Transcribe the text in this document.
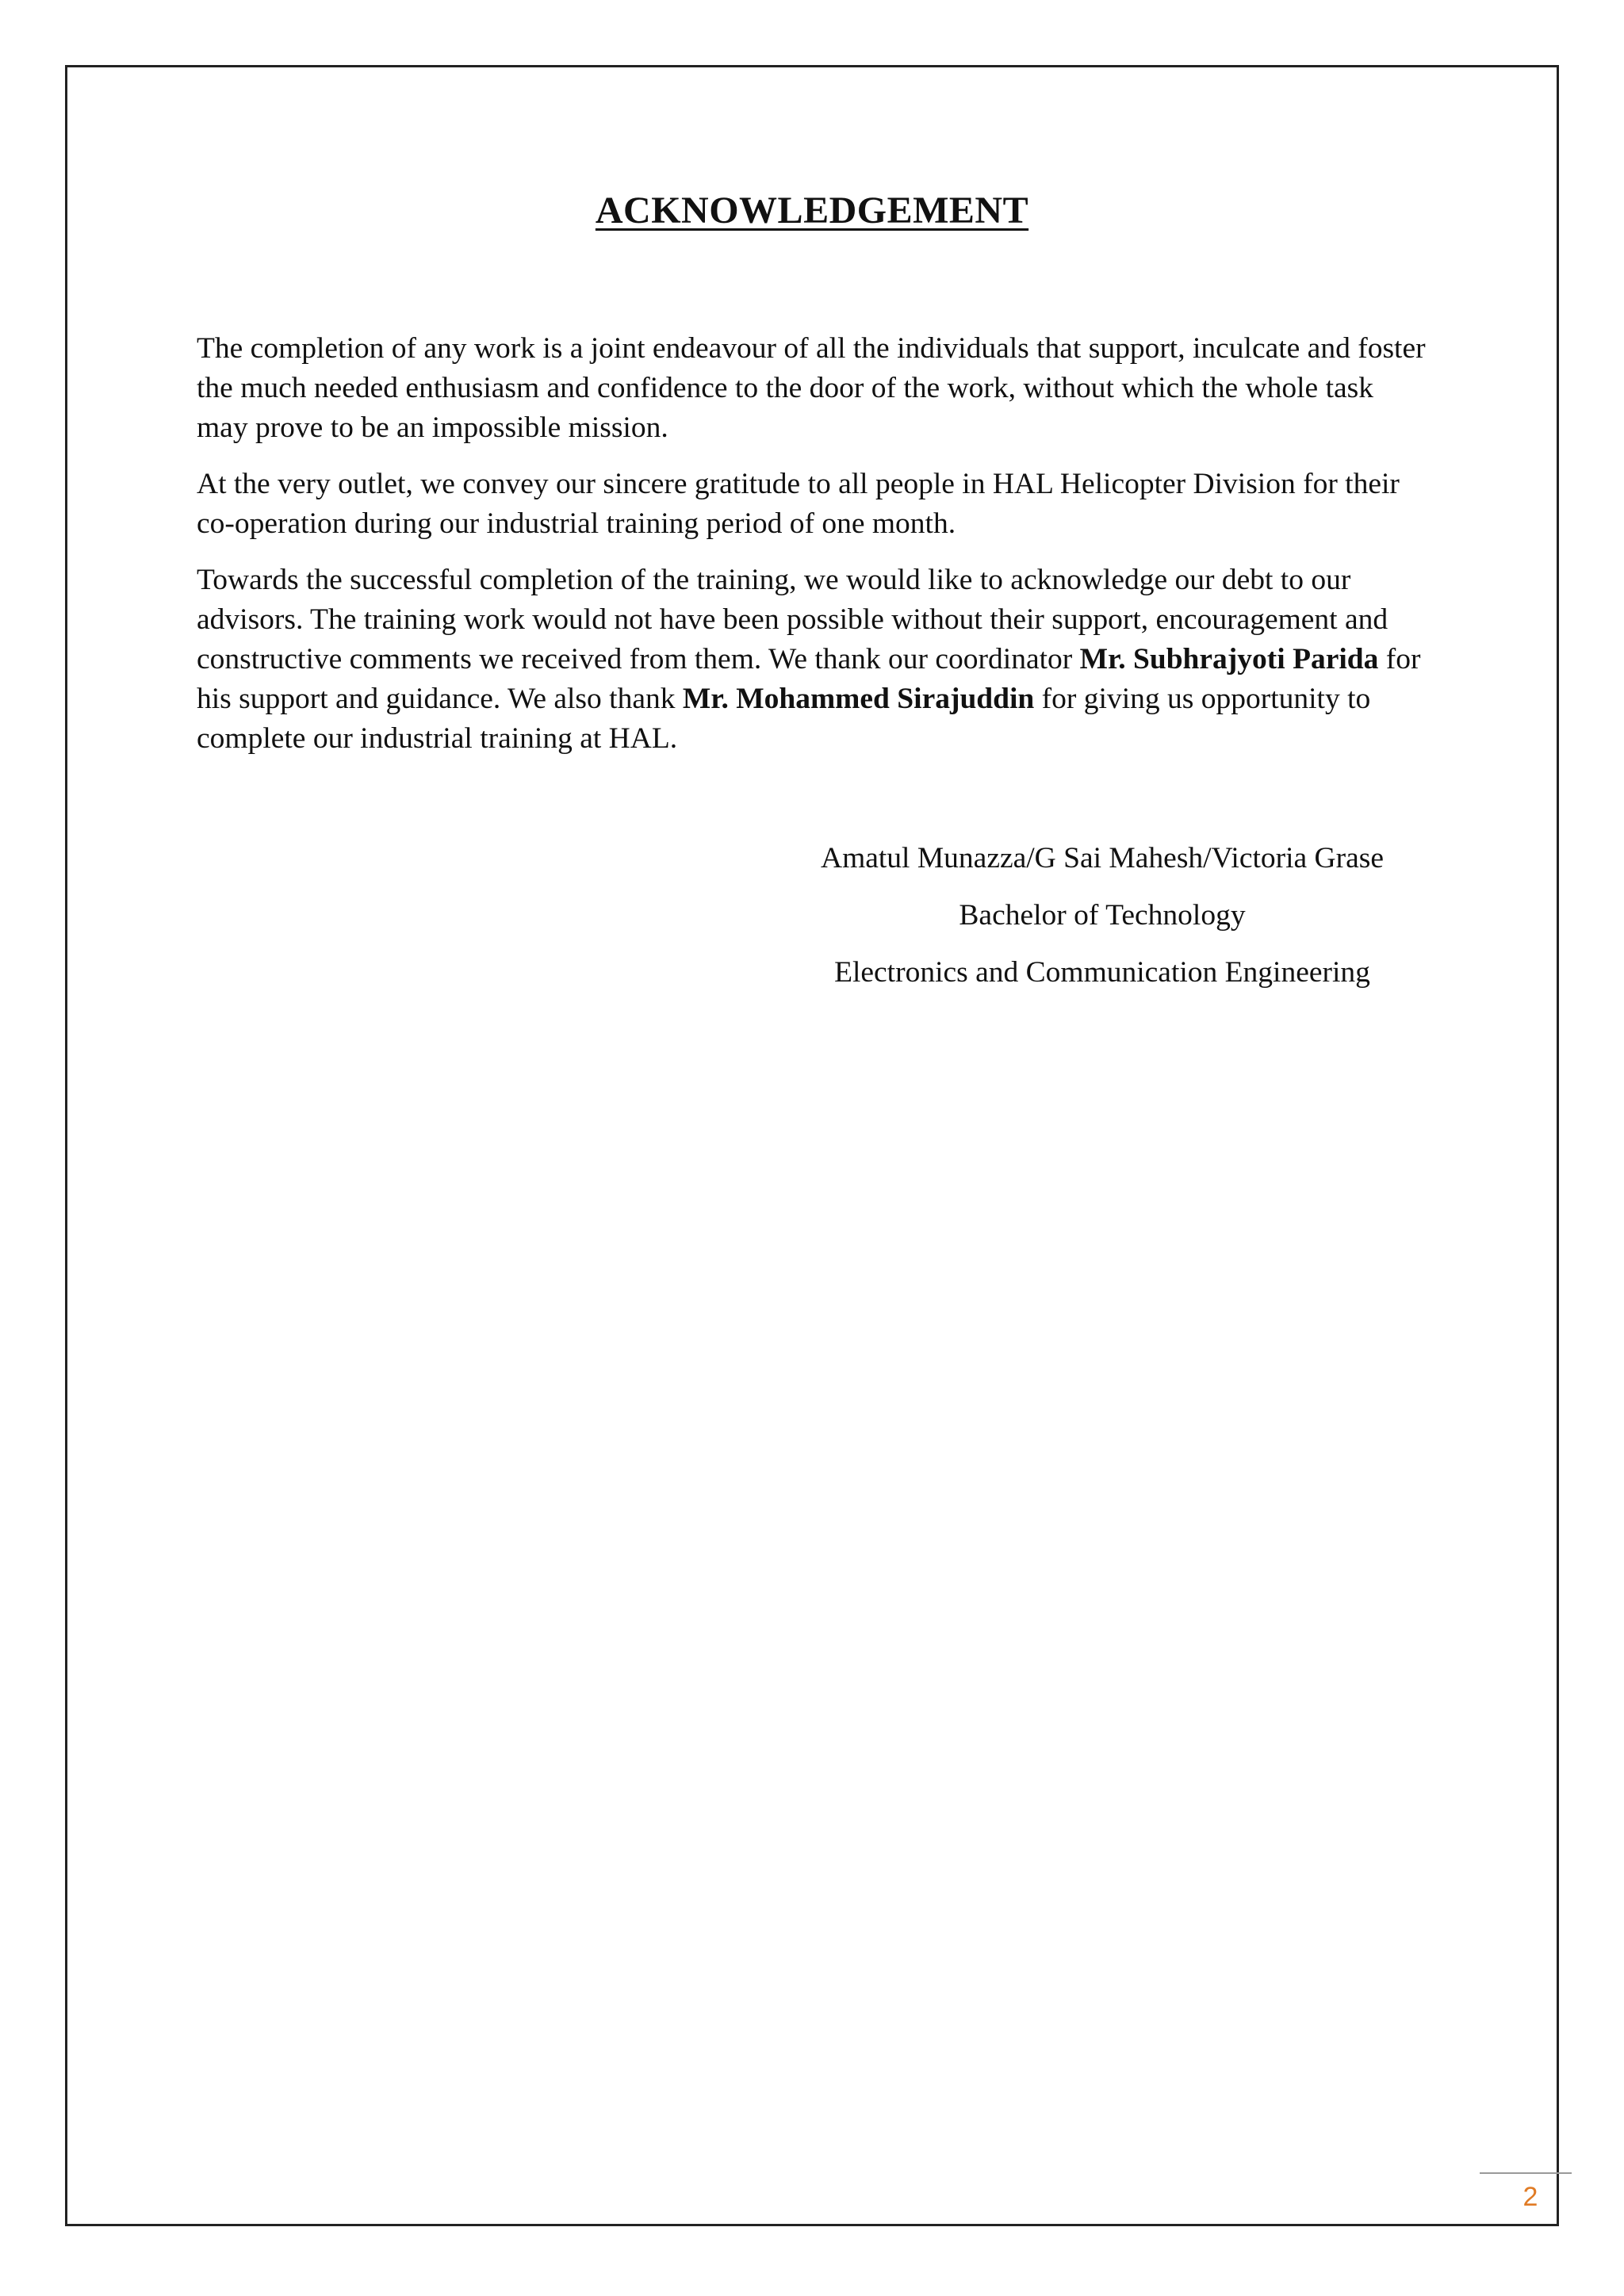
ACKNOWLEDGEMENT

The completion of any work is a joint endeavour of all the individuals that support, inculcate and foster the much needed enthusiasm and confidence to the door of the work, without which the whole task may prove to be an impossible mission.

At the very outlet, we convey our sincere gratitude to all people in HAL Helicopter Division for their co-operation during our industrial training period of one month.

Towards the successful completion of the training, we would like to acknowledge our debt to our advisors. The training work would not have been possible without their support, encouragement and constructive comments we received from them. We thank our coordinator Mr. Subhrajyoti Parida for his support and guidance. We also thank Mr. Mohammed Sirajuddin for giving us opportunity to complete our industrial training at HAL.

Amatul Munazza/G Sai Mahesh/Victoria Grase
Bachelor of Technology
Electronics and Communication Engineering
2
